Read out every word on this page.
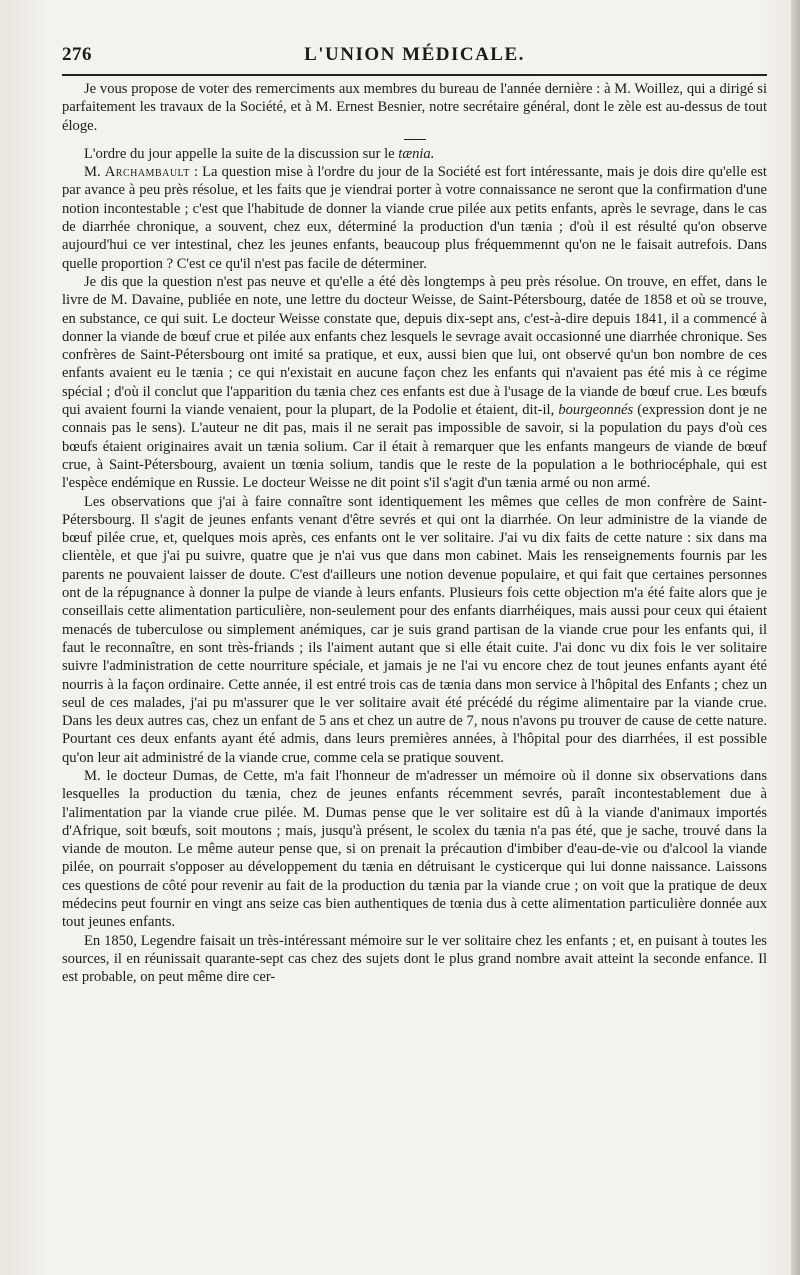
276	L'UNION MÉDICALE.

Je vous propose de voter des remerciments aux membres du bureau de l'année dernière : à M. Woillez, qui a dirigé si parfaitement les travaux de la Société, et à M. Ernest Besnier, notre secrétaire général, dont le zèle est au-dessus de tout éloge.

L'ordre du jour appelle la suite de la discussion sur le tænia.

M. Archambault : La question mise à l'ordre du jour de la Société est fort intéressante, mais je dois dire qu'elle est par avance à peu près résolue, et les faits que je viendrai porter à votre connaissance ne seront que la confirmation d'une notion incontestable ; c'est que l'habitude de donner la viande crue pilée aux petits enfants, après le sevrage, dans le cas de diarrhée chronique, a souvent, chez eux, déterminé la production d'un tænia ; d'où il est résulté qu'on observe aujourd'hui ce ver intestinal, chez les jeunes enfants, beaucoup plus fréquemmennt qu'on ne le faisait autrefois. Dans quelle proportion ? C'est ce qu'il n'est pas facile de déterminer.

Je dis que la question n'est pas neuve et qu'elle a été dès longtemps à peu près résolue. On trouve, en effet, dans le livre de M. Davaine, publiée en note, une lettre du docteur Weisse, de Saint-Pétersbourg, datée de 1858 et où se trouve, en substance, ce qui suit. Le docteur Weisse constate que, depuis dix-sept ans, c'est-à-dire depuis 1841, il a commencé à donner la viande de bœuf crue et pilée aux enfants chez lesquels le sevrage avait occasionné une diarrhée chronique. Ses confrères de Saint-Pétersbourg ont imité sa pratique, et eux, aussi bien que lui, ont observé qu'un bon nombre de ces enfants avaient eu le tænia ; ce qui n'existait en aucune façon chez les enfants qui n'avaient pas été mis à ce régime spécial ; d'où il conclut que l'apparition du tænia chez ces enfants est due à l'usage de la viande de bœuf crue. Les bœufs qui avaient fourni la viande venaient, pour la plupart, de la Podolie et étaient, dit-il, bourgeonnés (expression dont je ne connais pas le sens). L'auteur ne dit pas, mais il ne serait pas impossible de savoir, si la population du pays d'où ces bœufs étaient originaires avait un tænia solium. Car il était à remarquer que les enfants mangeurs de viande de bœuf crue, à Saint-Pétersbourg, avaient un tœnia solium, tandis que le reste de la population a le bothriocéphale, qui est l'espèce endémique en Russie. Le docteur Weisse ne dit point s'il s'agit d'un tænia armé ou non armé.

Les observations que j'ai à faire connaître sont identiquement les mêmes que celles de mon confrère de Saint-Pétersbourg. Il s'agit de jeunes enfants venant d'être sevrés et qui ont la diarrhée. On leur administre de la viande de bœuf pilée crue, et, quelques mois après, ces enfants ont le ver solitaire. J'ai vu dix faits de cette nature : six dans ma clientèle, et que j'ai pu suivre, quatre que je n'ai vus que dans mon cabinet. Mais les renseignements fournis par les parents ne pouvaient laisser de doute. C'est d'ailleurs une notion devenue populaire, et qui fait que certaines personnes ont de la répugnance à donner la pulpe de viande à leurs enfants. Plusieurs fois cette objection m'a été faite alors que je conseillais cette alimentation particulière, non-seulement pour des enfants diarrhéiques, mais aussi pour ceux qui étaient menacés de tuberculose ou simplement anémiques, car je suis grand partisan de la viande crue pour les enfants qui, il faut le reconnaître, en sont très-friands ; ils l'aiment autant que si elle était cuite. J'ai donc vu dix fois le ver solitaire suivre l'administration de cette nourriture spéciale, et jamais je ne l'ai vu encore chez de tout jeunes enfants ayant été nourris à la façon ordinaire. Cette année, il est entré trois cas de tænia dans mon service à l'hôpital des Enfants ; chez un seul de ces malades, j'ai pu m'assurer que le ver solitaire avait été précédé du régime alimentaire par la viande crue. Dans les deux autres cas, chez un enfant de 5 ans et chez un autre de 7, nous n'avons pu trouver de cause de cette nature. Pourtant ces deux enfants ayant été admis, dans leurs premières années, à l'hôpital pour des diarrhées, il est possible qu'on leur ait administré de la viande crue, comme cela se pratique souvent.

M. le docteur Dumas, de Cette, m'a fait l'honneur de m'adresser un mémoire où il donne six observations dans lesquelles la production du tænia, chez de jeunes enfants récemment sevrés, paraît incontestablement due à l'alimentation par la viande crue pilée. M. Dumas pense que le ver solitaire est dû à la viande d'animaux importés d'Afrique, soit bœufs, soit moutons ; mais, jusqu'à présent, le scolex du tænia n'a pas été, que je sache, trouvé dans la viande de mouton. Le même auteur pense que, si on prenait la précaution d'imbiber d'eau-de-vie ou d'alcool la viande pilée, on pourrait s'opposer au développement du tænia en détruisant le cysticerque qui lui donne naissance. Laissons ces questions de côté pour revenir au fait de la production du tænia par la viande crue ; on voit que la pratique de deux médecins peut fournir en vingt ans seize cas bien authentiques de tœnia dus à cette alimentation particulière donnée aux tout jeunes enfants.

En 1850, Legendre faisait un très-intéressant mémoire sur le ver solitaire chez les enfants ; et, en puisant à toutes les sources, il en réunissait quarante-sept cas chez des sujets dont le plus grand nombre avait atteint la seconde enfance. Il est probable, on peut même dire cer-
